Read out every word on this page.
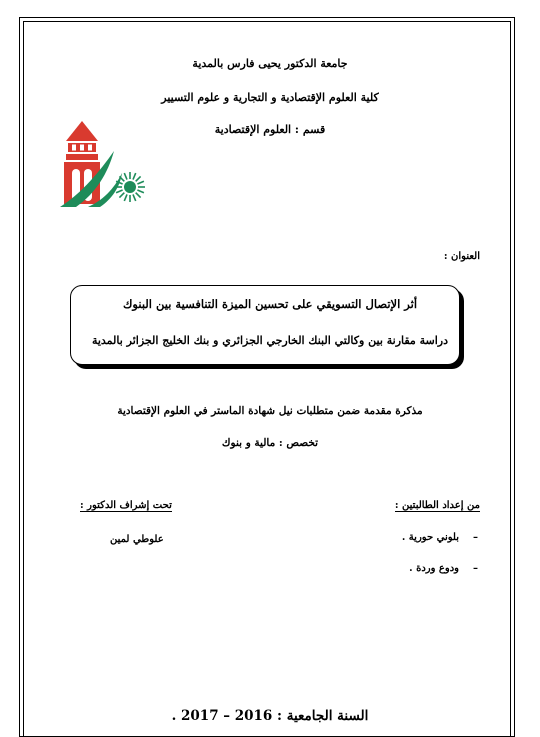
جامعة الدكتور يحيى فارس بالمدية
كلية العلوم الإقتصادية و التجارية و علوم التسيير
قسم : العلوم الإقتصادية
العنوان :
أثر الإتصال التسويقي على تحسين الميزة التنافسية بين البنوك
دراسة مقارنة بين وكالتي البنك الخارجي الجزائري و بنك الخليج الجزائر بالمدية
مذكرة مقدمة ضمن متطلبات نيل شهادة الماستر في العلوم الإقتصادية
تخصص : مالية و بنوك
من إعداد الطالبتين :
تحت إشراف الدكتور :
–بلوني حورية .
–ودوع وردة .
علوطي لمين
السنة الجامعية : 2016 – 2017 .
